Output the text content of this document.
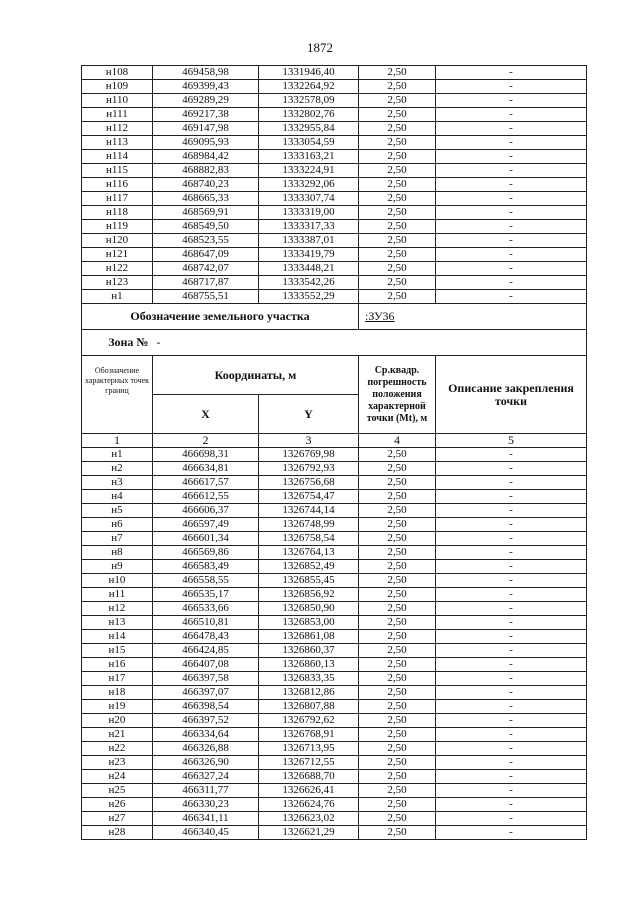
1872
н108	469458,98	1331946,40	2,50	-
н109	469399,43	1332264,92	2,50	-
н110	469289,29	1332578,09	2,50	-
н111	469217,38	1332802,76	2,50	-
н112	469147,98	1332955,84	2,50	-
н113	469095,93	1333054,59	2,50	-
н114	468984,42	1333163,21	2,50	-
н115	468882,83	1333224,91	2,50	-
н116	468740,23	1333292,06	2,50	-
н117	468665,33	1333307,74	2,50	-
н118	468569,91	1333319,00	2,50	-
н119	468549,50	1333317,33	2,50	-
н120	468523,55	1333387,01	2,50	-
н121	468647,09	1333419,79	2,50	-
н122	468742,07	1333448,21	2,50	-
н123	468717,87	1333542,26	2,50	-
н1	468755,51	1333552,29	2,50	-
Обозначение земельного участка			:ЗУ36	
Зона №	-			
Обозначение характерных точек границ	Координаты, м		Ср.квадр. погрешность положения характерной точки (Мt), м	Описание закрепления точки
	X	Y		
1	2	3	4	5
н1	466698,31	1326769,98	2,50	-
н2	466634,81	1326792,93	2,50	-
н3	466617,57	1326756,68	2,50	-
н4	466612,55	1326754,47	2,50	-
н5	466606,37	1326744,14	2,50	-
н6	466597,49	1326748,99	2,50	-
н7	466601,34	1326758,54	2,50	-
н8	466569,86	1326764,13	2,50	-
н9	466583,49	1326852,49	2,50	-
н10	466558,55	1326855,45	2,50	-
н11	466535,17	1326856,92	2,50	-
н12	466533,66	1326850,90	2,50	-
н13	466510,81	1326853,00	2,50	-
н14	466478,43	1326861,08	2,50	-
н15	466424,85	1326860,37	2,50	-
н16	466407,08	1326860,13	2,50	-
н17	466397,58	1326833,35	2,50	-
н18	466397,07	1326812,86	2,50	-
н19	466398,54	1326807,88	2,50	-
н20	466397,52	1326792,62	2,50	-
н21	466334,64	1326768,91	2,50	-
н22	466326,88	1326713,95	2,50	-
н23	466326,90	1326712,55	2,50	-
н24	466327,24	1326688,70	2,50	-
н25	466311,77	1326626,41	2,50	-
н26	466330,23	1326624,76	2,50	-
н27	466341,11	1326623,02	2,50	-
н28	466340,45	1326621,29	2,50	-
